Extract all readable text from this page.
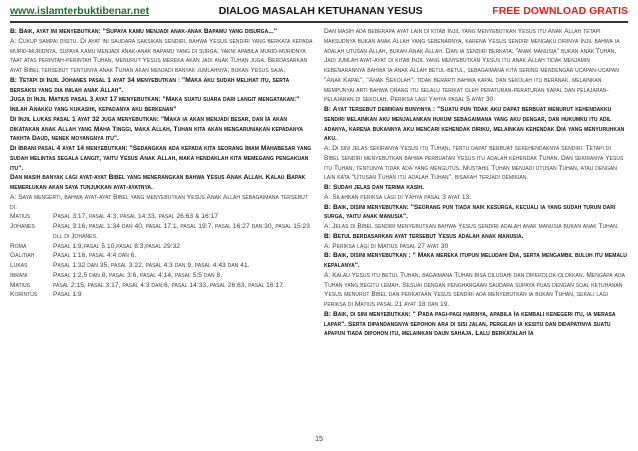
www.islamterbuktibenar.net	DIALOG MASALAH KETUHANAN YESUS	FREE DOWNLOAD GRATIS

B: Baik, ayat ini menyebutkan: "Supaya kamu menjadi anak-anak Bapamu yang disurga..."

A: Cukup sampai disitu. Di ayat ini saudara saksikan sendiri, bahwa Yesus sendiri yang berkata kepada murid-muridnya, supaya kamu menjadi anak-anak bapamu yang di surga; yakni apabila murid-muridnya taat atas perintah-perintah Tuhan, menurut Yesus mereka akan jadi anak Tuhan juga. Berdasarkan ayat Bibel tersebut tentunya anak Tuhan akan menjadi banyak jumlahnya, bukan Yesus saja.

B: Tetapi di Injil Johanes pasal 1 ayat 34 menyebutkan : "Maka aku sudah melihat itu, serta bersaksi yang dia inilah anak Allah".

Juga di Injil Matius pasal 3 ayat 17 menyebutkan: "Maka suatu suara dari langit mengatakan:" Inilah Anakku yang kukasihi, kepadanya aku berkenan"

Di Injil Lukas pasal 1 ayat 32 juga menyebutkan: "Maka ia akan menjadi besar, dan Ia akan dikatakan anak Allah yang Maha Tinggi, maka Allah, Tuhan kita akan mengaruniakan kepadanya takhta Daud, nenek moyangnya itu".

Di Ibrani pasal 4 ayat 14 menyebutkan: "Sedangkan ada kepada kita seorang Imam Mahabesar yang sudah melintas segala langit, yaitu Yesus Anak Allah, maka hendaklah kita memegang pengakuan itu".

Dan masih banyak lagi ayat-ayat Bibel yang menerangkan bahwa Yesus Anak Allah. Kalau Bapak memerlukan akan saya tunjukkan ayat-ayatnya.

A: Saya mengerti, bahwa ayat-ayat Bibel yang menyebutkan Yesus Anak Allah sebagaimana tersebut di:

Matius	Pasal 3:17, pasal 4:3, pasal 14:33, pasal 26:63 & 16:17
Johanes	Pasal 3:16, pasal 1:34 dan 40, pasal 17:1, pasal 19:7, pasal 16:27 dan:30, pasal 15:23 dll di Johanes.
Roma	Pasal 1:9,pasal 5:10,pasal 8:3,pasal 29:32
Galitiah	Pasal 1:16, pasal 4:4 dan 6.
Lukas	Pasal 1:32 dan 35, pasal 3:22, pasal 4:3 dan 9, pasal 4:43 dan 41.
Ibrani	Pasal 1:2,5 dan 8, pasal 3:6, pasal 4:14, pasal 5:5 dan 8.
Matius	pasal 2:15, pasal 3:17, pasal 4:3 dan:6, pasal 14:33, pasal 26:63, pasal 16:17.
Korintus	Pasal 1:9

Dan masih ada beberapa ayat lain di kitab Injil yang menyebutkan Yesus itu Anak Allah tetapi maksudnya bukan anak Allah yang sebenarnya, karena Yesus sendiri mengaku dirinya Injil bahwa ia adalah utusan Allah, bukan Anak Allah. Dan ia sendiri berkata: "anak manusia" bukan anak Tuhan, Jadi jumlah ayat-ayat di kitab Injil yang menyebutkan Yesus itu anak Allah tidak menjamin kebenarannya bahwa ia anak Allah betul-betul, sebagaimana kita sering mendengar ucapan-ucapan "Anak Kapal", "Anak Sekolah", tidak berarti bahwa kapal dan sekolah itu beranak, melainkan mempunyai arti bahwa orang itu selalu terikat oleh peraturan-peraturan kapal dan pelajaran-pelajaran di sekolah. Periksa lagi Yahya pasal 5 ayat 30.

B: Ayat tersebut demikian bunyinya : "Suatu pun tidak aku dapat berbuat menurut kehendakku sendiri melainkan aku menjalankan hukum sebagaimana yang aku dengar, dan hukumku itu adil adanya, karena bukannya aku mencari kehendak diriku, melainkan kehendak Dia yang menyuruhkan aku.

A: Di sini jelas sekiranya Yesus itu Tuhan, tentu dapat berbuat sekehendaknya sendiri. Tetapi di Bibel sendiri menyebutkan bahwa perbuatan Yesus itu adalah kehendak Tuhan. Dan sekiranya Yesus itu Tuhan, tentunya tidak ada yang mengutus. Mustahil Tuhan menjadi utusan Tuhan, atau dengan lain kata "Utusan Tuhan itu adalah Tuhan", bisakah terjadi demikian.

B: Sudah jelas dan terima kasih.

A: Silahkan periksa lagi di Yahya pasal 3 ayat 13.

B: Baik, disini menyebutkan: "Seorang pun tiada naik kesurga, kecuali ia yang sudah turun dari surga, yaitu anak manusia".

A: Jelas di Bibel sendiri menyebutkan bahwa Yesus sendiri adalah anak manusia bukan anak Tuhan.

B: Betul berdasarkan ayat tersebut Yesus adalah anak manusia.

A: Periksa lagi di Matius pasal 27 ayat 30

B: Baik, disini menyebutkan : " Maka mereka itupun meludahi Dia, serta mengambil buluh itu memalu kepalanya".

A: Kalau Yesus itu betul Tuhan, bagaimana Tuhan bisa diludahi dan diperolok-olokkan. Mengapa ada Tuhan yang begitu lemah. Sesuai dengan penghargaan saudara supaya puas dengan soal ketuhanan Yesus menurut Bibel dan perkataan Yesus sendiri ada menyebutkan ia bukan Tuhan, sekali lagi periksa di Matius pasal 21 ayat 18 dan 19.

B: Baik, di sini menyebutkan: " Pada pagi-pagi harinya, apabila Ia kembali kenegeri itu, ia merasa lapar". Serta dipandangnya sepohon ara di sisi jalan, pergilah ia kesitu dan didapatinya suatu apapun tiada dipohon itu, melainkan daun sahaja. Lalu berkatalah Ia

15
